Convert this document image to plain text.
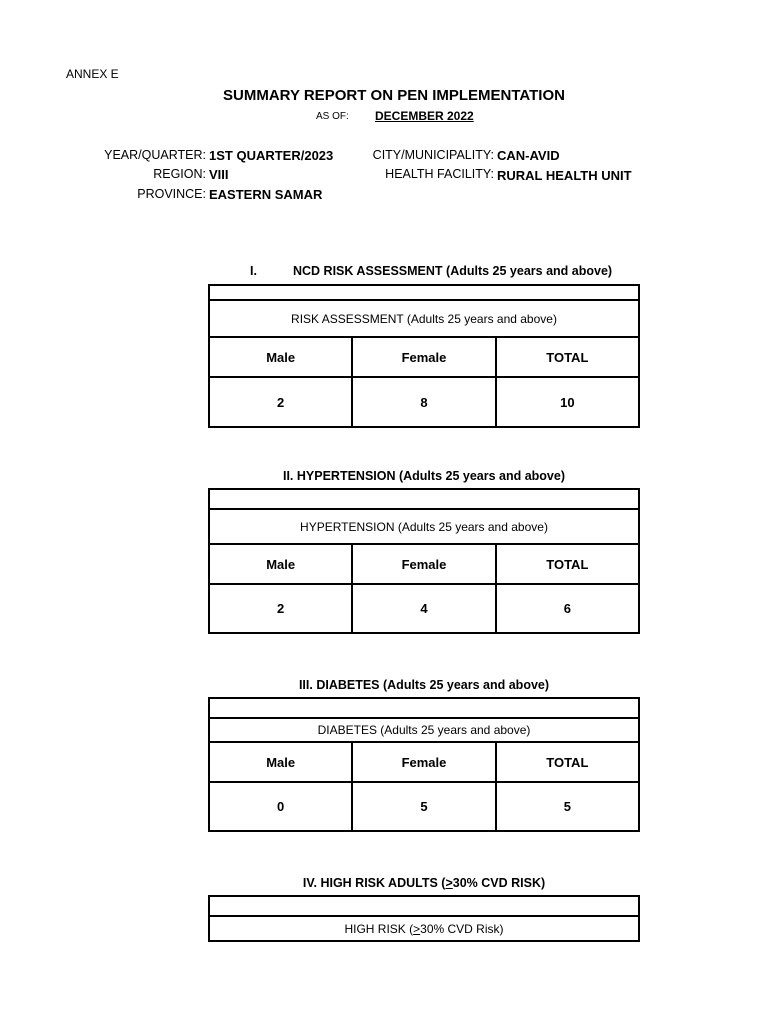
ANNEX E
SUMMARY REPORT ON PEN IMPLEMENTATION
AS OF: DECEMBER 2022
YEAR/QUARTER: 1ST QUARTER/2023
REGION: VIII
PROVINCE: EASTERN SAMAR
CITY/MUNICIPALITY: CAN-AVID
HEALTH FACILITY: RURAL HEALTH UNIT
I.	NCD RISK ASSESSMENT (Adults 25 years and above)

RISK ASSESSMENT (Adults 25 years and above)		
Male	Female	TOTAL
2	8	10
II. HYPERTENSION (Adults 25 years and above)

HYPERTENSION (Adults 25 years and above)		
Male	Female	TOTAL
2	4	6
III. DIABETES (Adults 25 years and above)

DIABETES (Adults 25 years and above)		
Male	Female	TOTAL
0	5	5
IV. HIGH RISK ADULTS (≥30% CVD RISK)

HIGH RISK (≥30% CVD Risk)
